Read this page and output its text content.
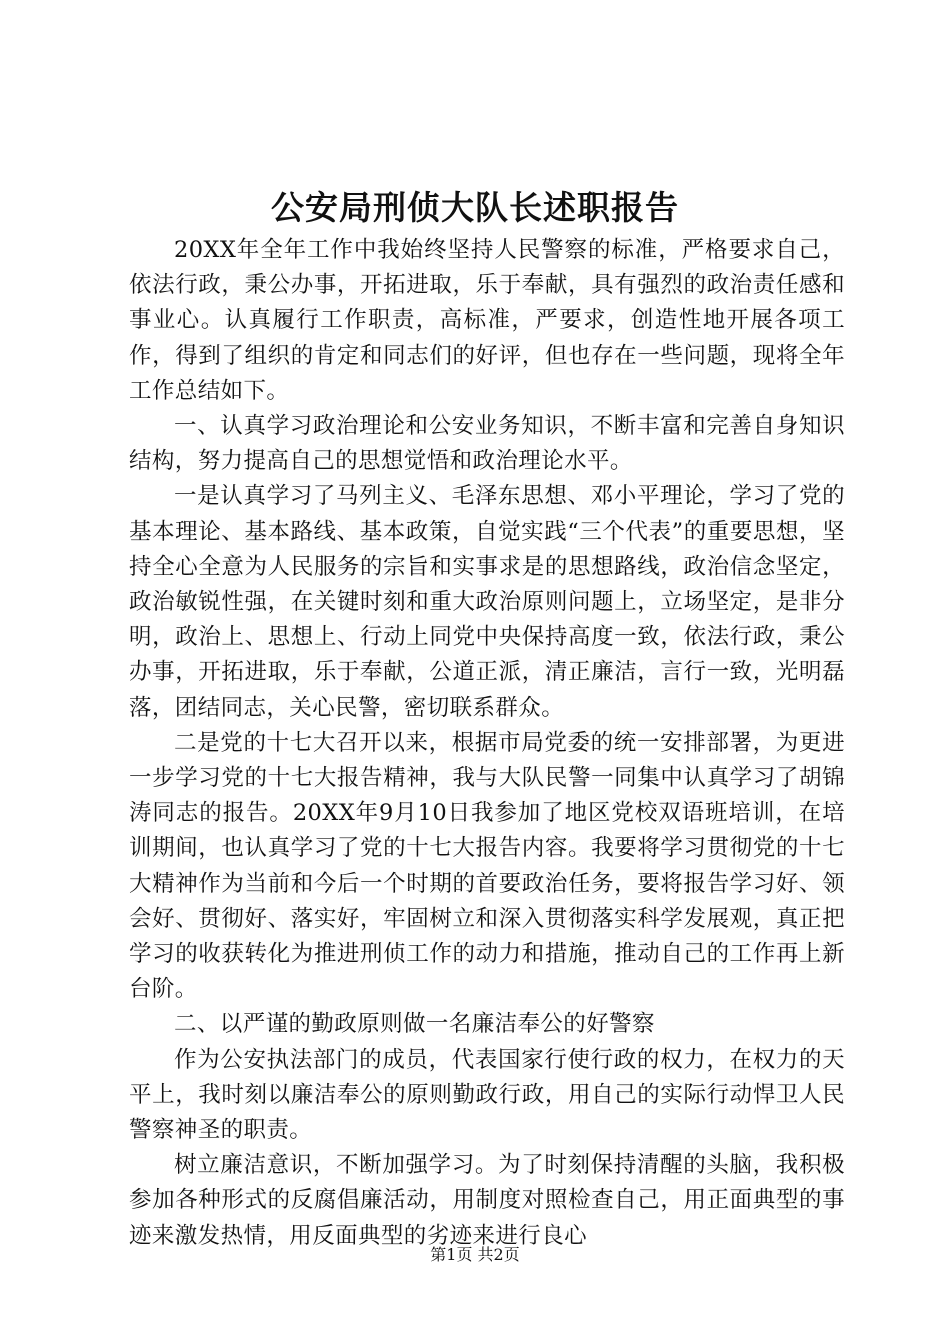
公安局刑侦大队长述职报告

20XX年全年工作中我始终坚持人民警察的标准，严格要求自己，依法行政，秉公办事，开拓进取，乐于奉献，具有强烈的政治责任感和事业心。认真履行工作职责，高标准，严要求，创造性地开展各项工作，得到了组织的肯定和同志们的好评，但也存在一些问题，现将全年工作总结如下。

一、认真学习政治理论和公安业务知识，不断丰富和完善自身知识结构，努力提高自己的思想觉悟和政治理论水平。

一是认真学习了马列主义、毛泽东思想、邓小平理论，学习了党的基本理论、基本路线、基本政策，自觉实践“三个代表”的重要思想，坚持全心全意为人民服务的宗旨和实事求是的思想路线，政治信念坚定，政治敏锐性强，在关键时刻和重大政治原则问题上，立场坚定，是非分明，政治上、思想上、行动上同党中央保持高度一致，依法行政，秉公办事，开拓进取，乐于奉献，公道正派，清正廉洁，言行一致，光明磊落，团结同志，关心民警，密切联系群众。

二是党的十七大召开以来，根据市局党委的统一安排部署，为更进一步学习党的十七大报告精神，我与大队民警一同集中认真学习了胡锦涛同志的报告。20XX年9月10日我参加了地区党校双语班培训，在培训期间，也认真学习了党的十七大报告内容。我要将学习贯彻党的十七大精神作为当前和今后一个时期的首要政治任务，要将报告学习好、领会好、贯彻好、落实好，牢固树立和深入贯彻落实科学发展观，真正把学习的收获转化为推进刑侦工作的动力和措施，推动自己的工作再上新台阶。

二、以严谨的勤政原则做一名廉洁奉公的好警察

作为公安执法部门的成员，代表国家行使行政的权力，在权力的天平上，我时刻以廉洁奉公的原则勤政行政，用自己的实际行动悍卫人民警察神圣的职责。

树立廉洁意识，不断加强学习。为了时刻保持清醒的头脑，我积极参加各种形式的反腐倡廉活动，用制度对照检查自己，用正面典型的事迹来激发热情，用反面典型的劣迹来进行良心

第1页 共2页
